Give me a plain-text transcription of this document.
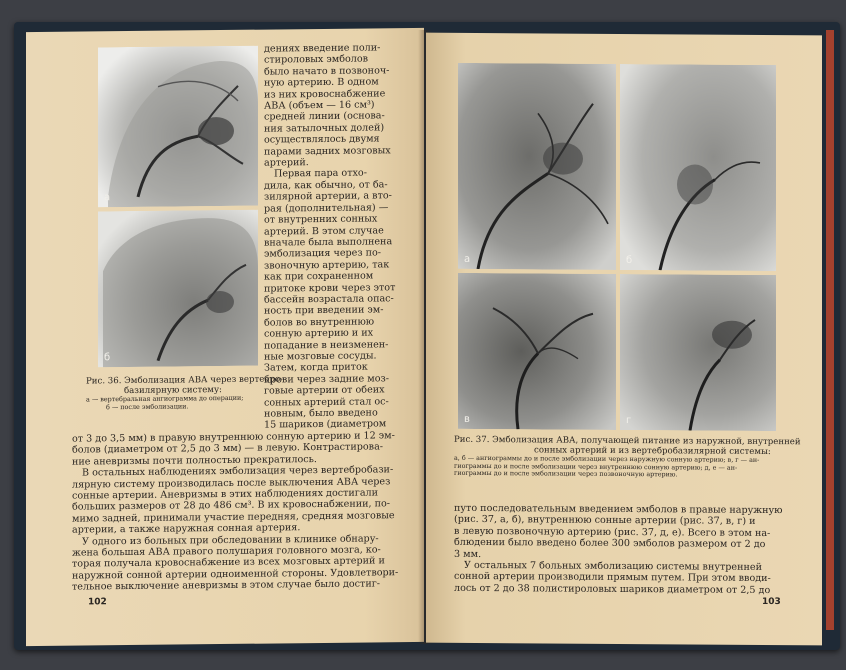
а
б
Рис. 36. Эмболизация АВА через вертебро-
базилярную систему:
а — вертебральная ангиограмма до операции;
б — после эмболизации.
дениях введение поли-
стироловых эмболов
было начато в позвоноч-
ную артерию. В одном
из них кровоснабжение
АВА (объем — 16 см³)
средней линии (основа-
ния затылочных долей)
осуществлялось двумя
парами задних мозговых
артерий.
Первая пара отхо-
дила, как обычно, от ба-
зилярной артерии, а вто-
рая (дополнительная) —
от внутренних сонных
артерий. В этом случае
вначале была выполнена
эмболизация через по-
звоночную артерию, так
как при сохраненном
притоке крови через этот
бассейн возрастала опас-
ность при введении эм-
болов во внутреннюю
сонную артерию и их
попадание в неизменен-
ные мозговые сосуды.
Затем, когда приток
крови через задние моз-
говые артерии от обеих
сонных артерий стал ос-
новным, было введено
15 шариков (диаметром
от 3 до 3,5 мм) в правую внутреннюю сонную артерию и 12 эм-
болов (диаметром от 2,5 до 3 мм) — в левую. Контрастирова-
ние аневризмы почти полностью прекратилось.
В остальных наблюдениях эмболизация через вертебробази-
лярную систему производилась после выключения АВА через
сонные артерии. Аневризмы в этих наблюдениях достигали
больших размеров от 28 до 486 см³. В их кровоснабжении, по-
мимо задней, принимали участие передняя, средняя мозговые
артерии, а также наружная сонная артерия.
У одного из больных при обследовании в клинике обнару-
жена большая АВА правого полушария головного мозга, ко-
торая получала кровоснабжение из всех мозговых артерий и
наружной сонной артерии одноименной стороны. Удовлетвори-
тельное выключение аневризмы в этом случае было достиг-
102
а	б
в	г
Рис. 37. Эмболизация АВА, получающей питание из наружной, внутренней
сонных артерий и из вертебробазилярной системы:
а, б — ангиограммы до и после эмболизации через наружную сонную артерию; в, г — ан-
гиограммы до и после эмболизации через внутреннюю сонную артерию; д, е — ан-
гиограммы до и после эмболизации через позвоночную артерию.
путо последовательным введением эмболов в правые наружную
(рис. 37, а, б), внутреннюю сонные артерии (рис. 37, в, г) и
в левую позвоночную артерию (рис. 37, д, е). Всего в этом на-
блюдении было введено более 300 эмболов размером от 2 до
3 мм.
У остальных 7 больных эмболизацию системы внутренней
сонной артерии производили прямым путем. При этом вводи-
лось от 2 до 38 полистироловых шариков диаметром от 2,5 до
103
